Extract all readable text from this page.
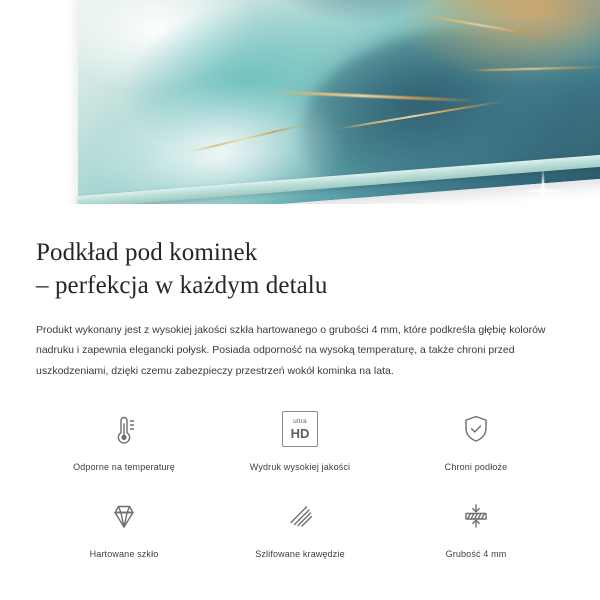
Podkład pod kominek
– perfekcja w każdym detalu

Produkt wykonany jest z wysokiej jakości szkła hartowanego o grubości 4 mm, które podkreśla głębię kolorów nadruku i zapewnia elegancki połysk. Posiada odporność na wysoką temperaturę, a także chroni przed uszkodzeniami, dzięki czemu zabezpieczy przestrzeń wokół kominka na lata.

Odporne na temperaturę
ultra
HD
Wydruk wysokiej jakości	Chroni podłoże
Hartowane szkło	Szlifowane krawędzie	Grubość 4 mm
